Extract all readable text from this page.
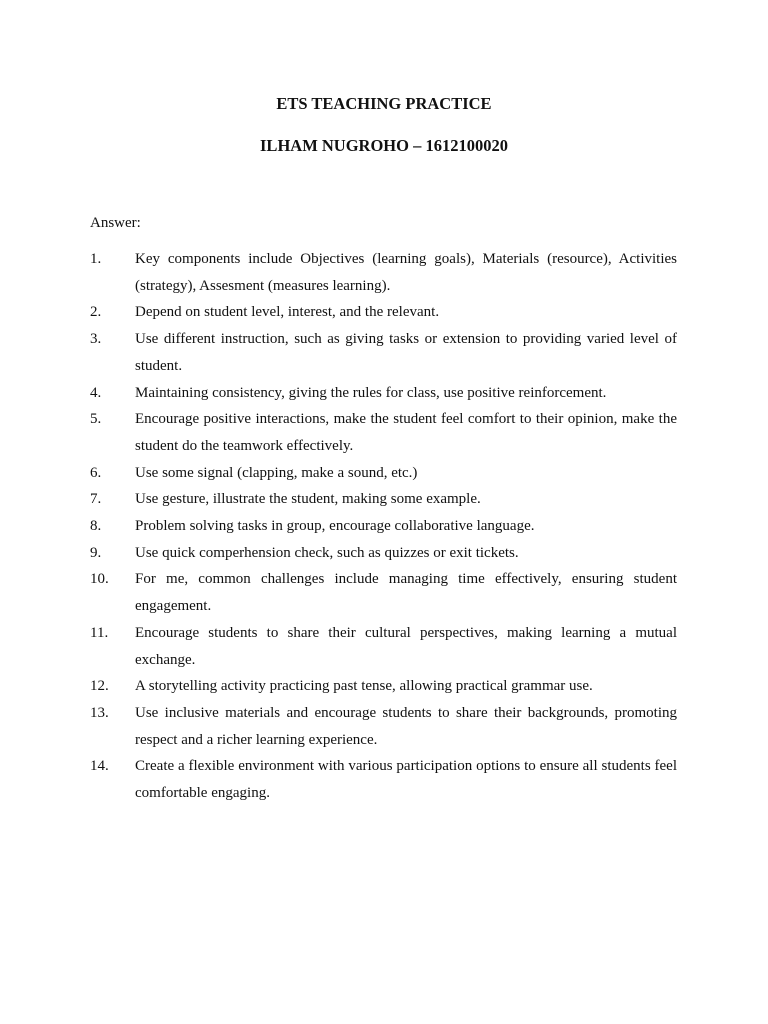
ETS TEACHING PRACTICE
ILHAM NUGROHO – 1612100020
Answer:
1.	Key components include Objectives (learning goals), Materials (resource), Activities (strategy), Assesment (measures learning).
2.	Depend on student level, interest, and the relevant.
3.	Use different instruction, such as giving tasks or extension to providing varied level of student.
4.	Maintaining consistency, giving the rules for class, use positive reinforcement.
5.	Encourage positive interactions, make the student feel comfort to their opinion, make the student do the teamwork effectively.
6.	Use some signal (clapping, make a sound, etc.)
7.	Use gesture, illustrate the student, making some example.
8.	Problem solving tasks in group, encourage collaborative language.
9.	Use quick comperhension check, such as quizzes or exit tickets.
10.	For me, common challenges include managing time effectively, ensuring student engagement.
11.	Encourage students to share their cultural perspectives, making learning a mutual exchange.
12.	A storytelling activity practicing past tense, allowing practical grammar use.
13.	Use inclusive materials and encourage students to share their backgrounds, promoting respect and a richer learning experience.
14.	Create a flexible environment with various participation options to ensure all students feel comfortable engaging.
